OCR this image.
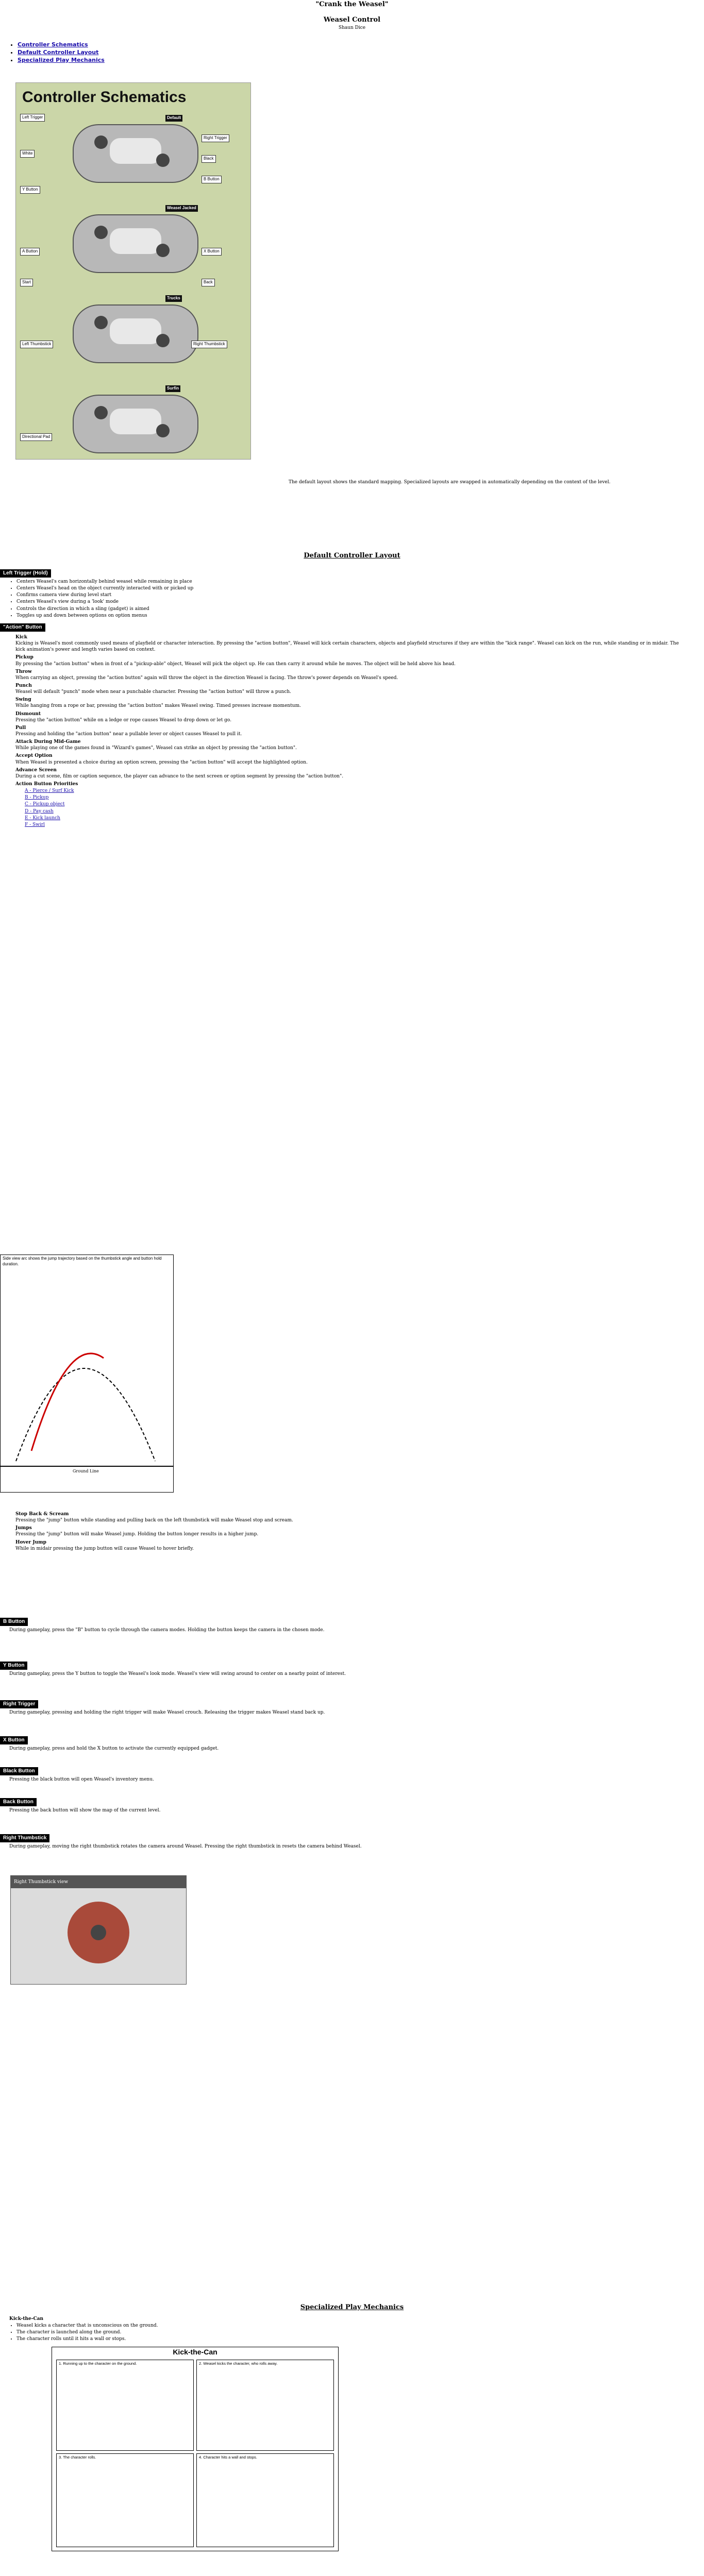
"Crank the Weasel"
Weasel Control
Shaun Dice
• Controller Schematics
• Default Controller Layout
• Specialized Play Mechanics
Controller Schematics
Default
Weasel Jacked
Trucks
Surfin
Left Trigger
Right Trigger
White
Black
Y Button
B Button
A Button	X Button
Start	Back
Left Thumbstick	Right Thumbstick
Directional Pad
The default layout shows the standard mapping. Specialized layouts are swapped in automatically depending on the context of the level.
Default Controller Layout
Left Trigger (Hold)
• Centers Weasel's cam horizontally behind weasel while remaining in place
• Centers Weasel's head on the object currently interacted with or picked up
• Confirms camera view during level start
• Centers Weasel's view during a 'look' mode
• Controls the direction in which a sling (gadget) is aimed
• Toggles up and down between options on option menus
"Action" Button
Kick
Kicking is Weasel's most commonly used means of playfield or character interaction. By pressing the "action button", Weasel will kick certain characters, objects and playfield structures if they are within the "kick range". Weasel can kick on the run, while standing or in midair. The kick animation's power and length varies based on context.
Pickup
By pressing the "action button" when in front of a "pickup-able" object, Weasel will pick the object up. He can then carry it around while he moves. The object will be held above his head.
Throw
When carrying an object, pressing the "action button" again will throw the object in the direction Weasel is facing. The throw's power depends on Weasel's speed.
Punch
Weasel will default "punch" mode when near a punchable character. Pressing the "action button" will throw a punch.
Swing
While hanging from a rope or bar, pressing the "action button" makes Weasel swing. Timed presses increase momentum.
Dismount
Pressing the "action button" while on a ledge or rope causes Weasel to drop down or let go.
Pull
Pressing and holding the "action button" near a pullable lever or object causes Weasel to pull it.
Attack During Mid-Game
While playing one of the games found in "Wizard's games", Weasel can strike an object by pressing the "action button".
Accept Option
When Weasel is presented a choice during an option screen, pressing the "action button" will accept the highlighted option.
Advance Screen
During a cut scene, film or caption sequence, the player can advance to the next screen or option segment by pressing the "action button".
Action Button Priorities
A - Pierce / Surf Kick
B - Pickup
C - Pickup object
D - Pay cash
E - Kick launch
F - Swirl
Side view arc shows the jump trajectory based on the thumbstick angle and button hold duration.
Ground Line
Stop Back & Scream
Pressing the "jump" button while standing and pulling back on the left thumbstick will make Weasel stop and scream.
Jumps
Pressing the "jump" button will make Weasel jump. Holding the button longer results in a higher jump.
Hover Jump
While in midair pressing the jump button will cause Weasel to hover briefly.
B Button
During gameplay, press the "B" button to cycle through the camera modes. Holding the button keeps the camera in the chosen mode.
Y Button
During gameplay, press the Y button to toggle the Weasel's look mode. Weasel's view will swing around to center on a nearby point of interest.
Right Trigger
During gameplay, pressing and holding the right trigger will make Weasel crouch. Releasing the trigger makes Weasel stand back up.
X Button
During gameplay, press and hold the X button to activate the currently equipped gadget.
Black Button
Pressing the black button will open Weasel's inventory menu.
Back Button
Pressing the back button will show the map of the current level.
Right Thumbstick
During gameplay, moving the right thumbstick rotates the camera around Weasel. Pressing the right thumbstick in resets the camera behind Weasel.
Right Thumbstick view
Specialized Play Mechanics
Kick-the-Can
• Weasel kicks a character that is unconscious on the ground.
• The character is launched along the ground.
• The character rolls until it hits a wall or stops.
Kick-the-Can
1. Running up to the character on the ground.	2. Weasel kicks the character, who rolls away.
3. The character rolls.	4. Character hits a wall and stops.
